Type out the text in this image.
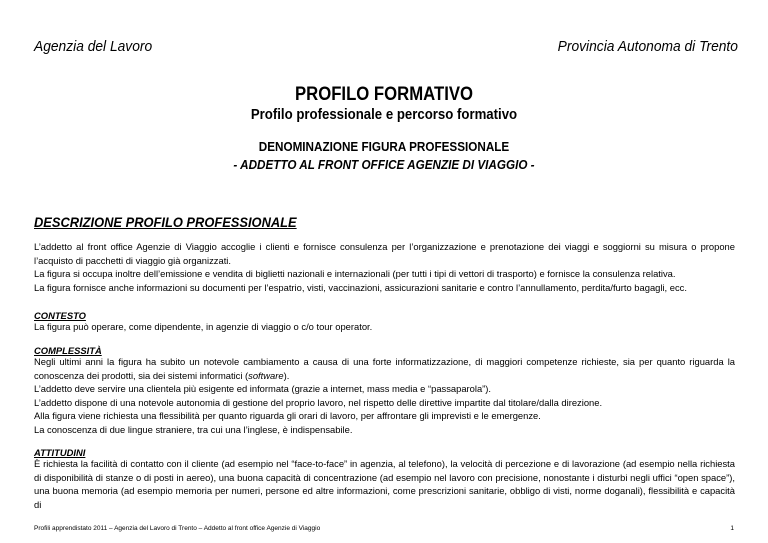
Agenzia del Lavoro	Provincia Autonoma di Trento
PROFILO FORMATIVO
Profilo professionale e percorso formativo
DENOMINAZIONE FIGURA PROFESSIONALE
- ADDETTO AL FRONT OFFICE AGENZIE DI VIAGGIO -
DESCRIZIONE PROFILO PROFESSIONALE

L’addetto al front office Agenzie di Viaggio accoglie i clienti e fornisce consulenza per l’organizzazione e prenotazione dei viaggi e soggiorni su misura o propone l’acquisto di pacchetti di viaggio già organizzati.

La figura si occupa inoltre dell’emissione e vendita di biglietti nazionali e internazionali (per tutti i tipi di vettori di trasporto) e fornisce la consulenza relativa.

La figura fornisce anche informazioni su documenti per l’espatrio, visti, vaccinazioni, assicurazioni sanitarie e contro l’annullamento, perdita/furto bagagli, ecc.

CONTESTO

La figura può operare, come dipendente, in agenzie di viaggio o c/o tour operator.

COMPLESSITÀ

Negli ultimi anni la figura ha subito un notevole cambiamento a causa di una forte informatizzazione, di maggiori competenze richieste, sia per quanto riguarda la conoscenza dei prodotti, sia dei sistemi informatici (software).

L’addetto deve servire una clientela più esigente ed informata (grazie a internet, mass media e “passaparola”).

L’addetto dispone di una notevole autonomia di gestione del proprio lavoro, nel rispetto delle direttive impartite dal titolare/dalla direzione.

Alla figura viene richiesta una flessibilità per quanto riguarda gli orari di lavoro, per affrontare gli imprevisti e le emergenze.

La conoscenza di due lingue straniere, tra cui una l’inglese, è indispensabile.

ATTITUDINI

È richiesta la facilità di contatto con il cliente (ad esempio nel “face-to-face” in agenzia, al telefono), la velocità di percezione e di lavorazione (ad esempio nella richiesta di disponibilità di stanze o di posti in aereo), una buona capacità di concentrazione (ad esempio nel lavoro con precisione, nonostante i disturbi negli uffici “open space”), una buona memoria (ad esempio memoria per numeri, persone ed altre informazioni, come prescrizioni sanitarie, obbligo di visti, norme doganali), flessibilità e capacità di

Profili apprendistato 2011 – Agenzia del Lavoro di Trento – Addetto al front office Agenzie di Viaggio	1
